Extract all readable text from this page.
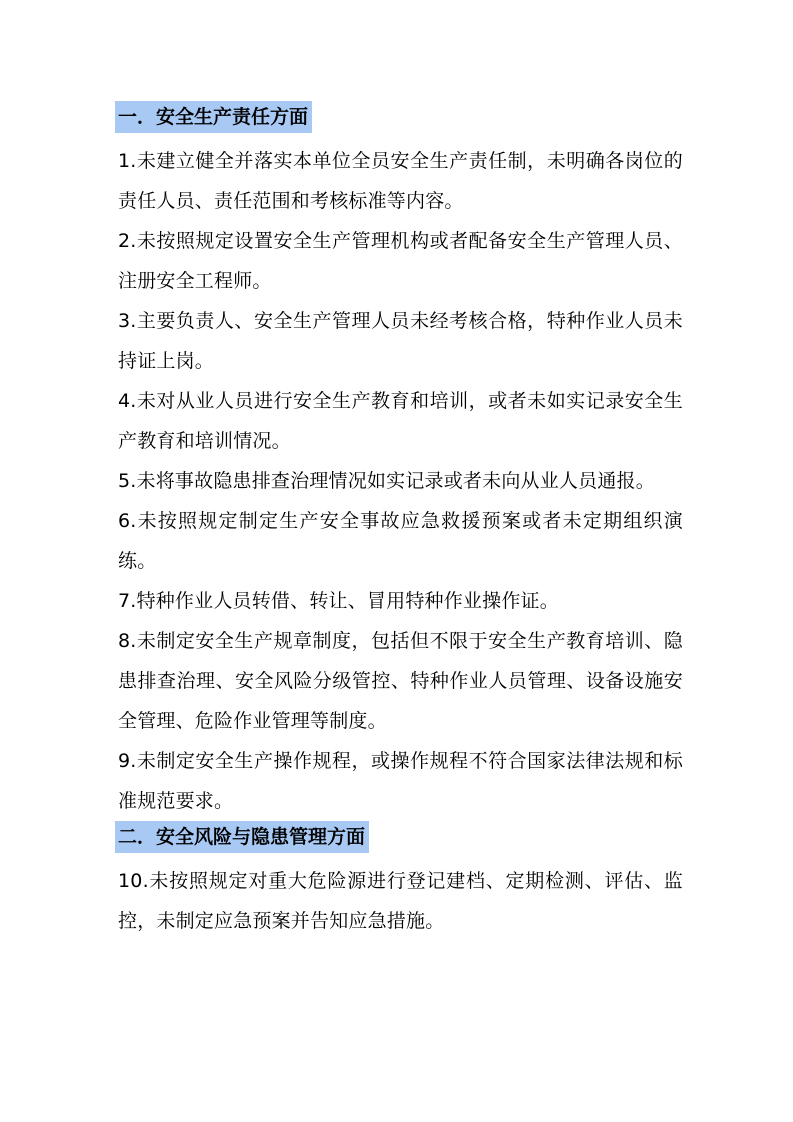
一．安全生产责任方面

1.未建立健全并落实本单位全员安全生产责任制，未明确各岗位的责任人员、责任范围和考核标准等内容。

2.未按照规定设置安全生产管理机构或者配备安全生产管理人员、注册安全工程师。

3.主要负责人、安全生产管理人员未经考核合格，特种作业人员未持证上岗。

4.未对从业人员进行安全生产教育和培训，或者未如实记录安全生产教育和培训情况。

5.未将事故隐患排查治理情况如实记录或者未向从业人员通报。

6.未按照规定制定生产安全事故应急救援预案或者未定期组织演练。

7.特种作业人员转借、转让、冒用特种作业操作证。

8.未制定安全生产规章制度，包括但不限于安全生产教育培训、隐患排查治理、安全风险分级管控、特种作业人员管理、设备设施安全管理、危险作业管理等制度。

9.未制定安全生产操作规程，或操作规程不符合国家法律法规和标准规范要求。

二．安全风险与隐患管理方面

10.未按照规定对重大危险源进行登记建档、定期检测、评估、监控，未制定应急预案并告知应急措施。
